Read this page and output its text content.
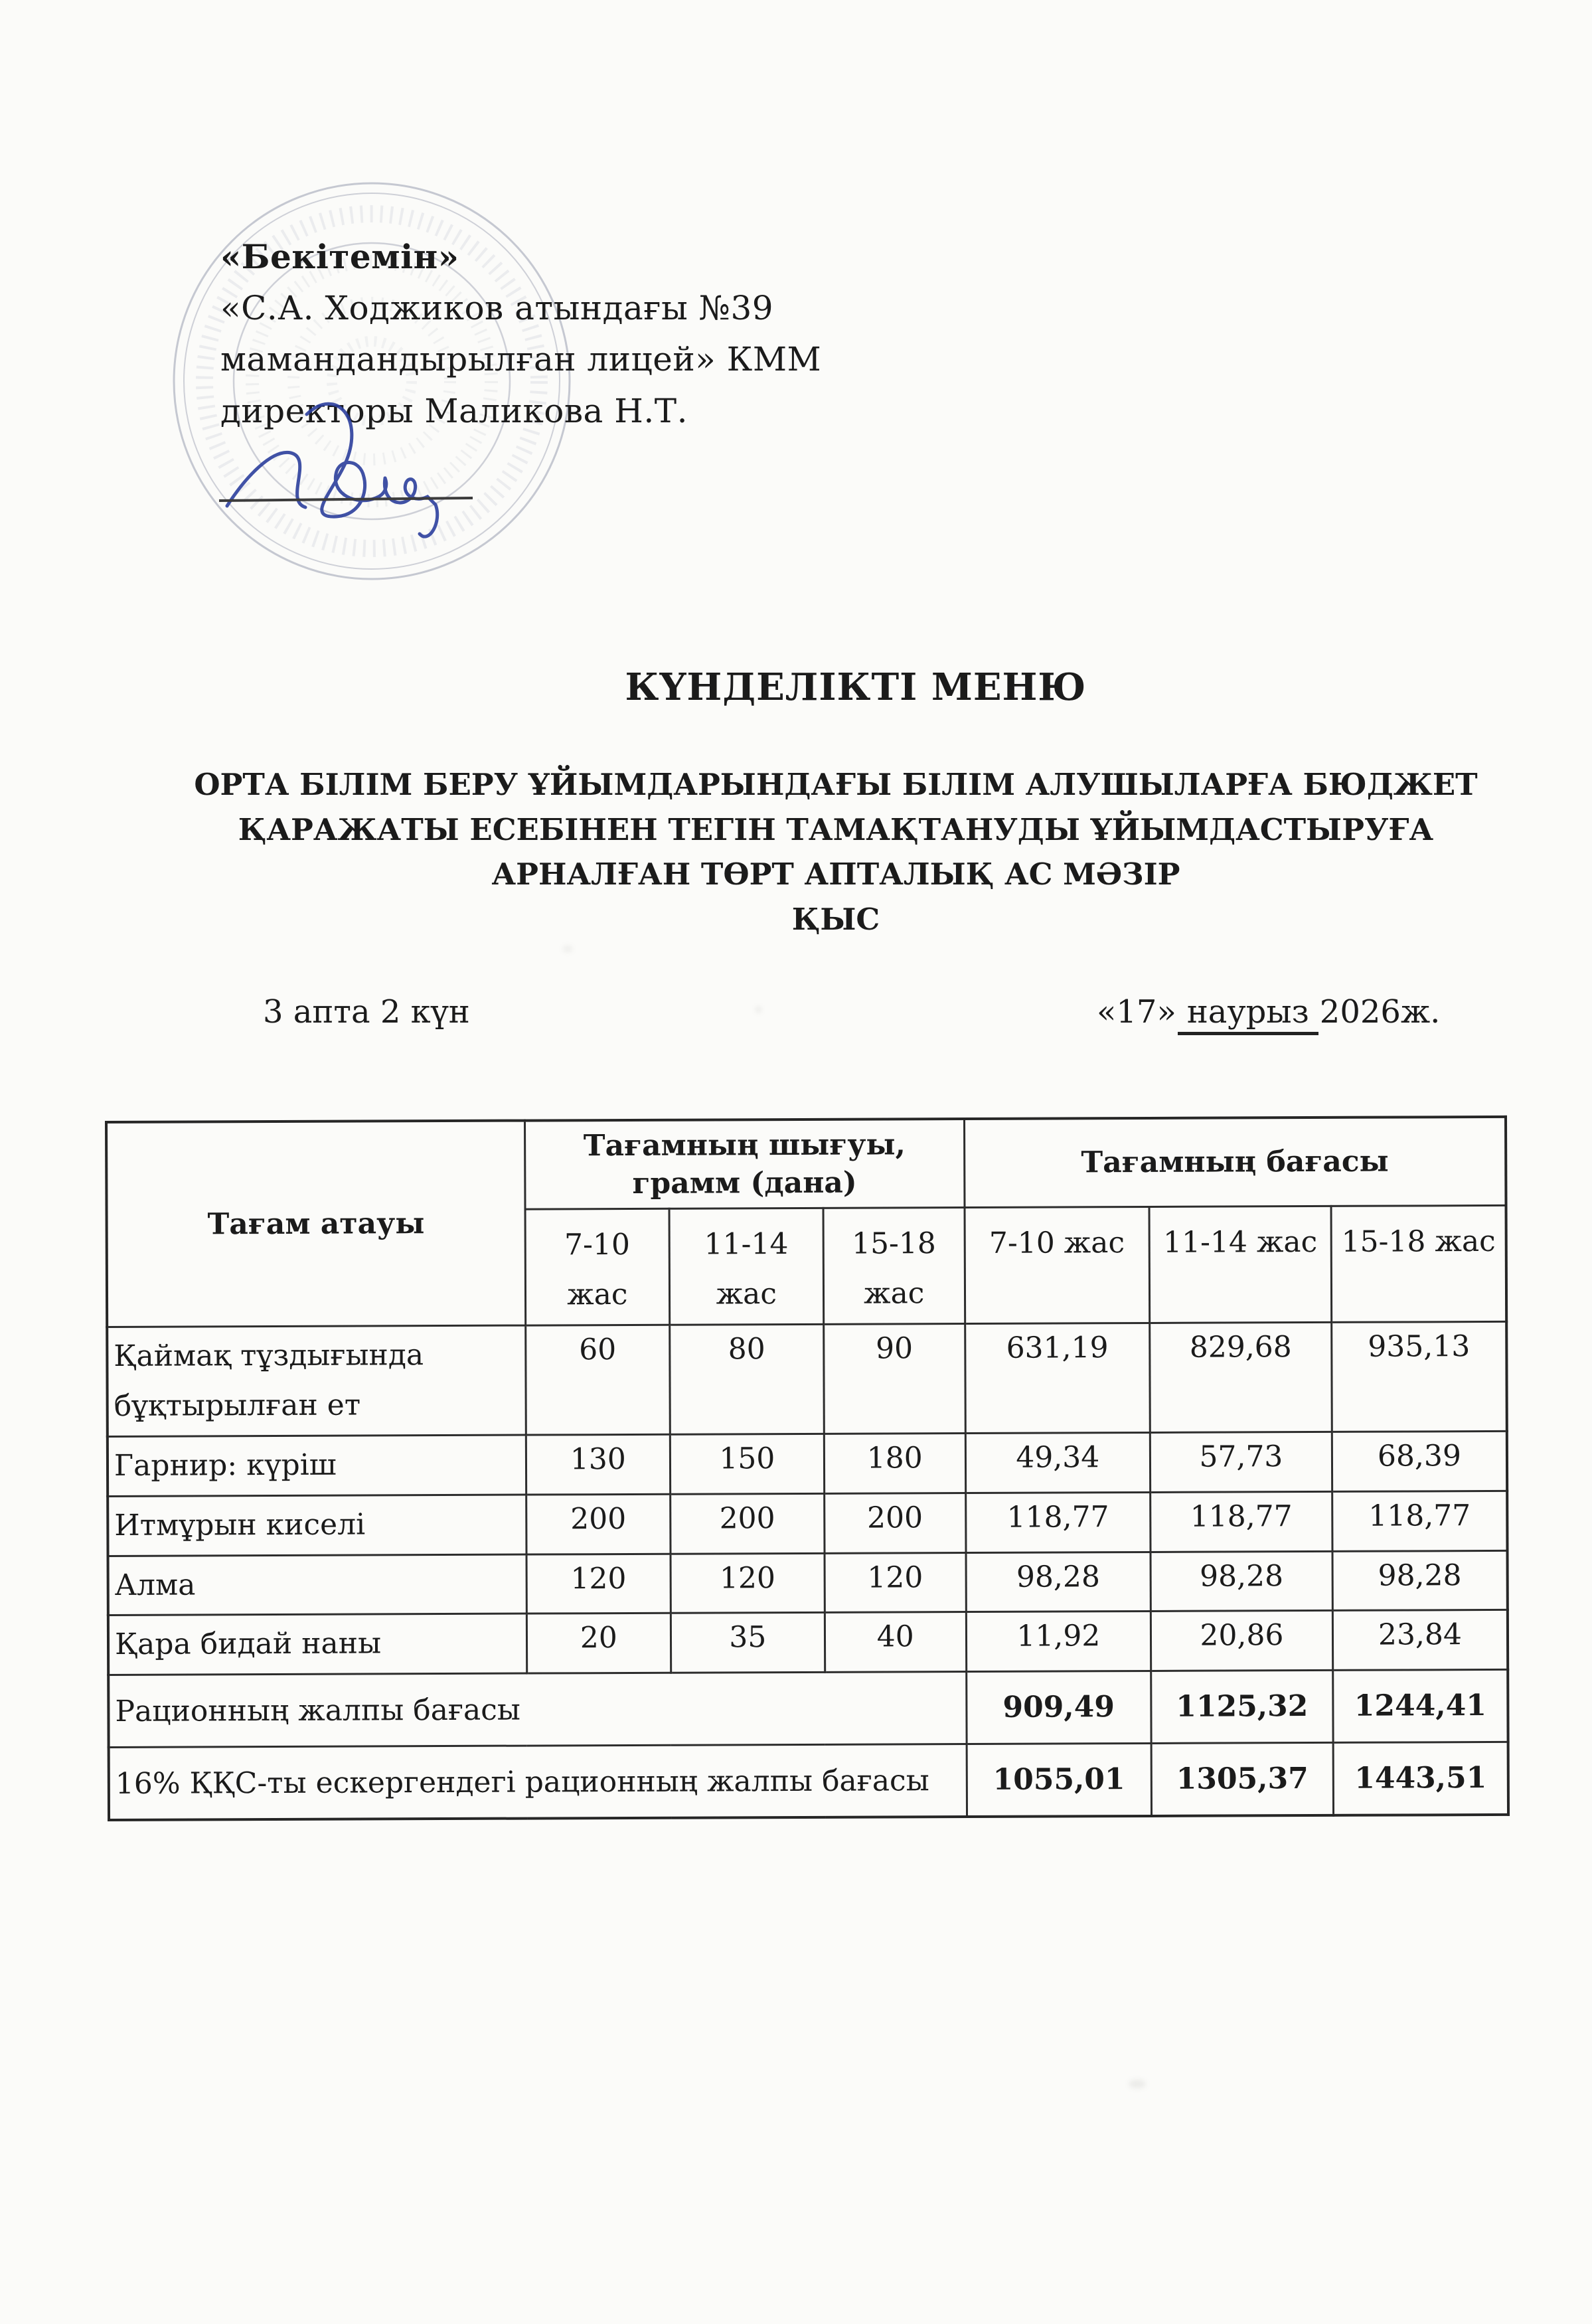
«Бекітемін»
«С.А. Ходжиков атындағы №39
мамандандырылған лицей» КММ
директоры Маликова Н.Т.
КҮНДЕЛІКТІ МЕНЮ
ОРТА БІЛІМ БЕРУ ҰЙЫМДАРЫНДАҒЫ БІЛІМ АЛУШЫЛАРҒА БЮДЖЕТ
ҚАРАЖАТЫ ЕСЕБІНЕН ТЕГІН ТАМАҚТАНУДЫ ҰЙЫМДАСТЫРУҒА
АРНАЛҒАН ТӨРТ АПТАЛЫҚ АС МӘЗІР
ҚЫС
3 апта 2 күн	«17» наурыз 2026ж.
Тағам атауы	Тағамның шығуы, грамм (дана)			Тағамның бағасы		
	7-10 жас	11-14 жас	15-18 жас	7-10 жас	11-14 жас	15-18 жас
Қаймақ тұздығында бұқтырылған ет	60	80	90	631,19	829,68	935,13
Гарнир: күріш	130	150	180	49,34	57,73	68,39
Итмұрын киселі	200	200	200	118,77	118,77	118,77
Алма	120	120	120	98,28	98,28	98,28
Қара бидай наны	20	35	40	11,92	20,86	23,84
Рационның жалпы бағасы				909,49	1125,32	1244,41
16% ҚҚС-ты ескергендегі рационның жалпы бағасы				1055,01	1305,37	1443,51
